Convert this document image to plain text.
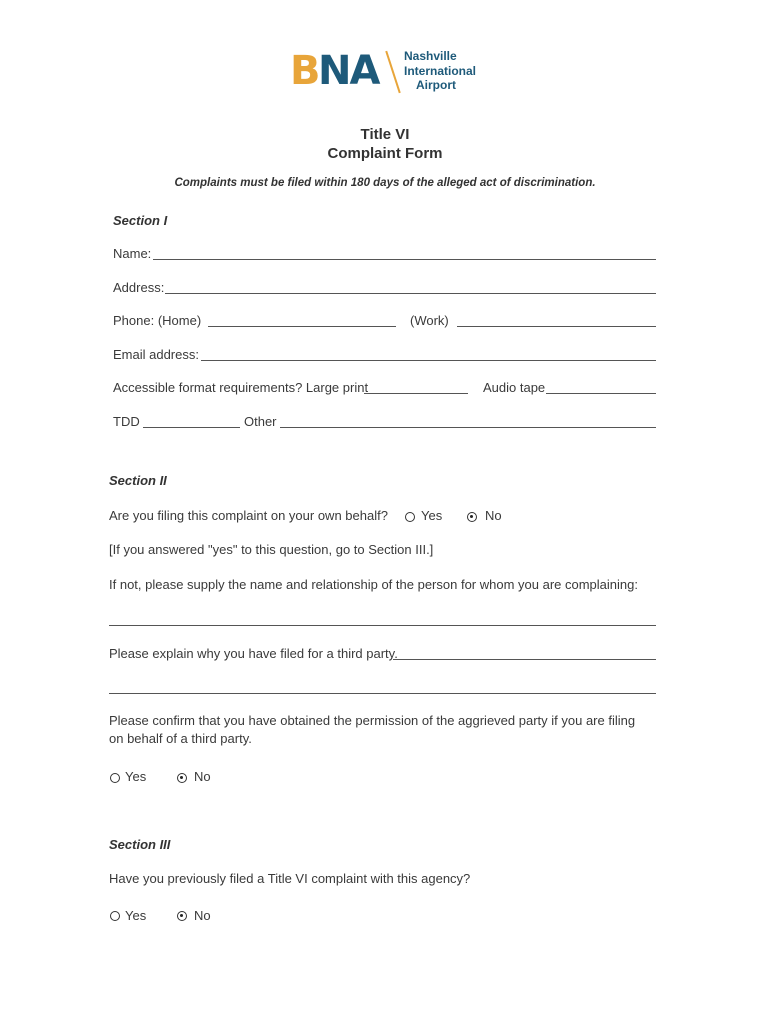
B NA Nashville
International
Airport
Title VI
Complaint Form
Complaints must be filed within 180 days of the alleged act of discrimination.
Section I
Name:
Address:
Phone: (Home)	(Work)
Email address:
Accessible format requirements? Large print	Audio tape
TDD	Other
Section II
Are you filing this complaint on your own behalf?	Yes	No
[If you answered "yes" to this question, go to Section III.]
If not, please supply the name and relationship of the person for whom you are complaining:
Please explain why you have filed for a third party.
Please confirm that you have obtained the permission of the aggrieved party if you are filing
on behalf of a third party.
Yes	No
Section III
Have you previously filed a Title VI complaint with this agency?
Yes	No
